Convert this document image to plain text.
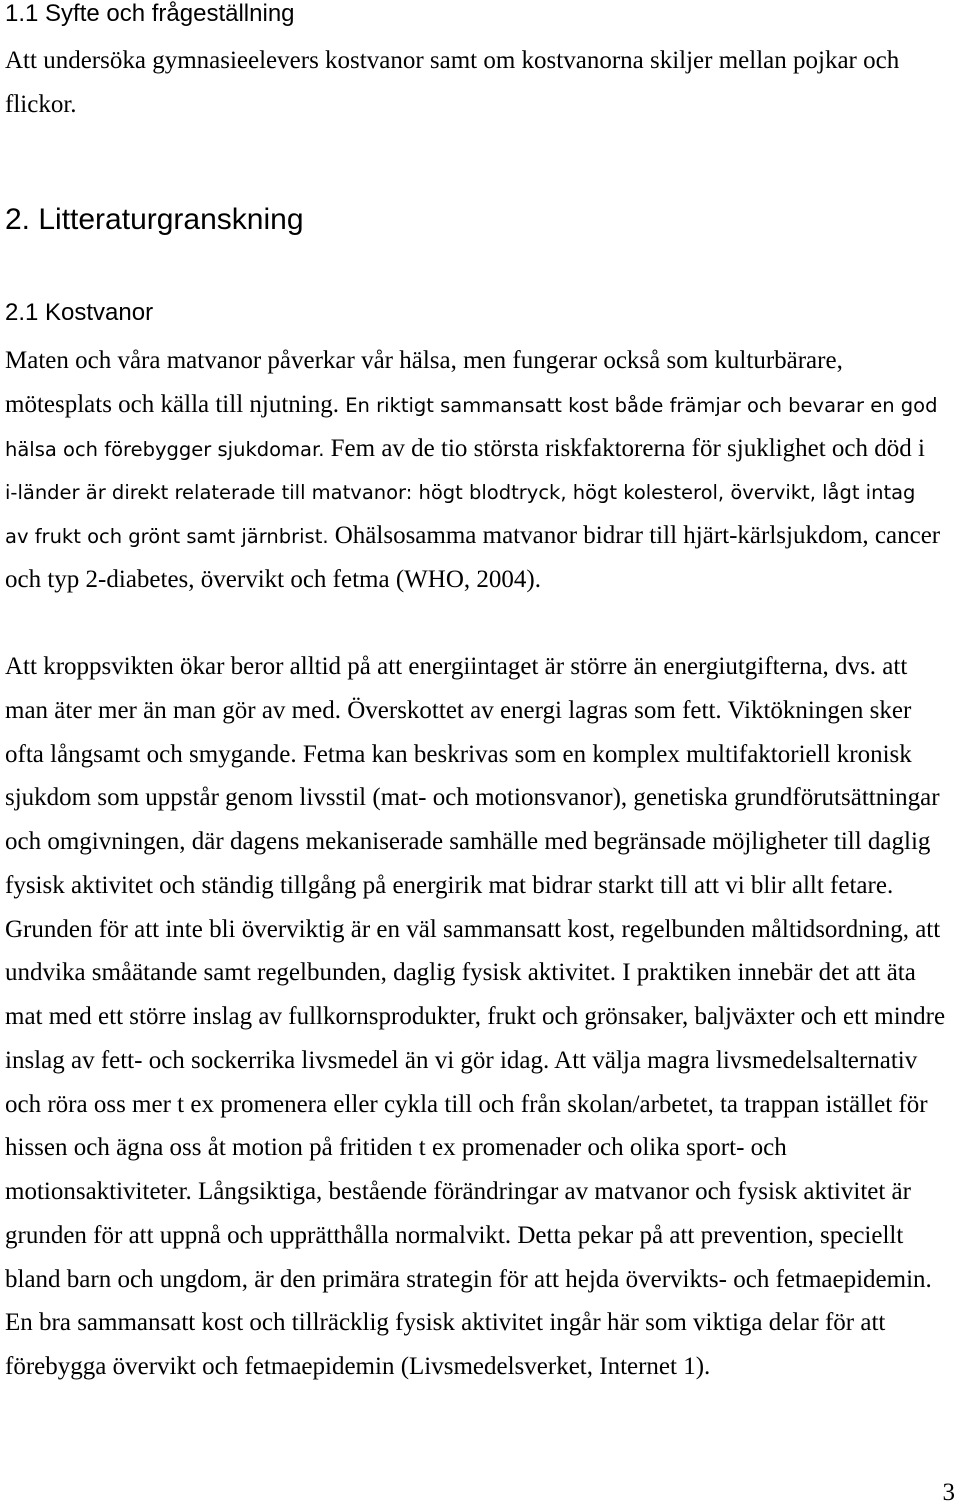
1.1 Syfte och frågeställning
Att undersöka gymnasieelevers kostvanor samt om kostvanorna skiljer mellan pojkar och
flickor.
2. Litteraturgranskning
2.1 Kostvanor
Maten och våra matvanor påverkar vår hälsa, men fungerar också som kulturbärare,
mötesplats och källa till njutning. En riktigt sammansatt kost både främjar och bevarar en god
hälsa och förebygger sjukdomar. Fem av de tio största riskfaktorerna för sjuklighet och död i
i-länder är direkt relaterade till matvanor: högt blodtryck, högt kolesterol, övervikt, lågt intag
av frukt och grönt samt järnbrist. Ohälsosamma matvanor bidrar till hjärt-kärlsjukdom, cancer
och typ 2-diabetes, övervikt och fetma (WHO, 2004).
Att kroppsvikten ökar beror alltid på att energiintaget är större än energiutgifterna, dvs. att
man äter mer än man gör av med. Överskottet av energi lagras som fett. Viktökningen sker
ofta långsamt och smygande. Fetma kan beskrivas som en komplex multifaktoriell kronisk
sjukdom som uppstår genom livsstil (mat- och motionsvanor), genetiska grundförutsättningar
och omgivningen, där dagens mekaniserade samhälle med begränsade möjligheter till daglig
fysisk aktivitet och ständig tillgång på energirik mat bidrar starkt till att vi blir allt fetare.
Grunden för att inte bli överviktig är en väl sammansatt kost, regelbunden måltidsordning, att
undvika småätande samt regelbunden, daglig fysisk aktivitet. I praktiken innebär det att äta
mat med ett större inslag av fullkornsprodukter, frukt och grönsaker, baljväxter och ett mindre
inslag av fett- och sockerrika livsmedel än vi gör idag. Att välja magra livsmedelsalternativ
och röra oss mer t ex promenera eller cykla till och från skolan/arbetet, ta trappan istället för
hissen och ägna oss åt motion på fritiden t ex promenader och olika sport- och
motionsaktiviteter. Långsiktiga, bestående förändringar av matvanor och fysisk aktivitet är
grunden för att uppnå och upprätthålla normalvikt. Detta pekar på att prevention, speciellt
bland barn och ungdom, är den primära strategin för att hejda övervikts- och fetmaepidemin.
En bra sammansatt kost och tillräcklig fysisk aktivitet ingår här som viktiga delar för att
förebygga övervikt och fetmaepidemin (Livsmedelsverket, Internet 1).
3
